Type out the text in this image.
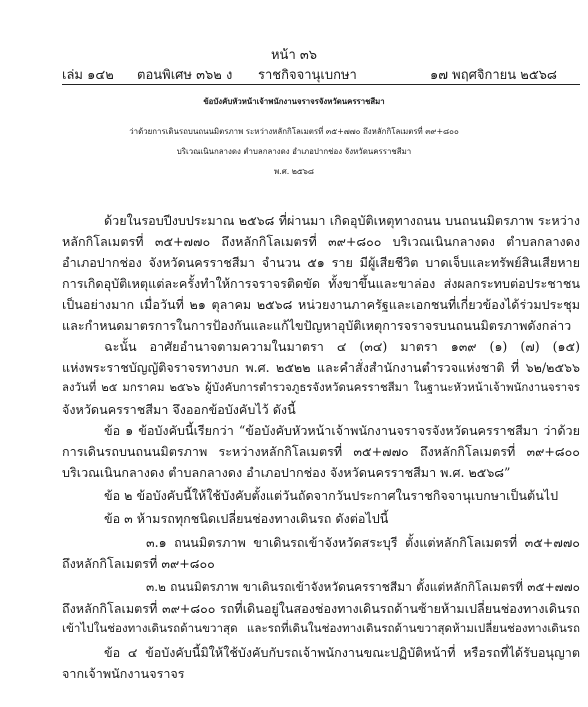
หน้า ๓๖
เล่ม ๑๔๒ ตอนพิเศษ ๓๖๒ ง ราชกิจจานุเบกษา	๑๗ พฤศจิกายน ๒๕๖๘
ข้อบังคับหัวหน้าเจ้าพนักงานจราจรจังหวัดนครราชสีมา
ว่าด้วยการเดินรถบนถนนมิตรภาพ ระหว่างหลักกิโลเมตรที่ ๓๕+๗๗๐ ถึงหลักกิโลเมตรที่ ๓๙+๘๐๐
บริเวณเนินกลางดง ตำบลกลางดง อำเภอปากช่อง จังหวัดนครราชสีมา
พ.ศ. ๒๕๖๘
ด้วยในรอบปีงบประมาณ ๒๕๖๘ ที่ผ่านมา เกิดอุบัติเหตุทางถนน บนถนนมิตรภาพ ระหว่าง
หลักกิโลเมตรที่ ๓๕+๗๗๐ ถึงหลักกิโลเมตรที่ ๓๙+๘๐๐ บริเวณเนินกลางดง ตำบลกลางดง
อำเภอปากช่อง จังหวัดนครราชสีมา จำนวน ๕๑ ราย มีผู้เสียชีวิต บาดเจ็บและทรัพย์สินเสียหาย
การเกิดอุบัติเหตุแต่ละครั้งทำให้การจราจรติดขัด ทั้งขาขึ้นและขาล่อง ส่งผลกระทบต่อประชาชน
เป็นอย่างมาก เมื่อวันที่ ๒๑ ตุลาคม ๒๕๖๘ หน่วยงานภาครัฐและเอกชนที่เกี่ยวข้องได้ร่วมประชุม
และกำหนดมาตรการในการป้องกันและแก้ไขปัญหาอุบัติเหตุการจราจรบนถนนมิตรภาพดังกล่าว
ฉะนั้น อาศัยอำนาจตามความในมาตรา ๔ (๓๔) มาตรา ๑๓๙ (๑) (๗) (๑๕)
แห่งพระราชบัญญัติจราจรทางบก พ.ศ. ๒๕๒๒ และคำสั่งสำนักงานตำรวจแห่งชาติ ที่ ๖๒/๒๕๖๖
ลงวันที่ ๒๕ มกราคม ๒๕๖๖ ผู้บังคับการตำรวจภูธรจังหวัดนครราชสีมา ในฐานะหัวหน้าเจ้าพนักงานจราจร
จังหวัดนครราชสีมา จึงออกข้อบังคับไว้ ดังนี้
ข้อ ๑ ข้อบังคับนี้เรียกว่า “ข้อบังคับหัวหน้าเจ้าพนักงานจราจรจังหวัดนครราชสีมา ว่าด้วย
การเดินรถบนถนนมิตรภาพ ระหว่างหลักกิโลเมตรที่ ๓๕+๗๗๐ ถึงหลักกิโลเมตรที่ ๓๙+๘๐๐
บริเวณเนินกลางดง ตำบลกลางดง อำเภอปากช่อง จังหวัดนครราชสีมา พ.ศ. ๒๕๖๘”
ข้อ ๒ ข้อบังคับนี้ให้ใช้บังคับตั้งแต่วันถัดจากวันประกาศในราชกิจจานุเบกษาเป็นต้นไป
ข้อ ๓ ห้ามรถทุกชนิดเปลี่ยนช่องทางเดินรถ ดังต่อไปนี้
๓.๑ ถนนมิตรภาพ ขาเดินรถเข้าจังหวัดสระบุรี ตั้งแต่หลักกิโลเมตรที่ ๓๕+๗๗๐
ถึงหลักกิโลเมตรที่ ๓๙+๘๐๐
๓.๒ ถนนมิตรภาพ ขาเดินรถเข้าจังหวัดนครราชสีมา ตั้งแต่หลักกิโลเมตรที่ ๓๕+๗๗๐
ถึงหลักกิโลเมตรที่ ๓๙+๘๐๐ รถที่เดินอยู่ในสองช่องทางเดินรถด้านซ้ายห้ามเปลี่ยนช่องทางเดินรถ
เข้าไปในช่องทางเดินรถด้านขวาสุด และรถที่เดินในช่องทางเดินรถด้านขวาสุดห้ามเปลี่ยนช่องทางเดินรถ
ข้อ ๔ ข้อบังคับนี้มิให้ใช้บังคับกับรถเจ้าพนักงานขณะปฏิบัติหน้าที่ หรือรถที่ได้รับอนุญาต
จากเจ้าพนักงานจราจร
